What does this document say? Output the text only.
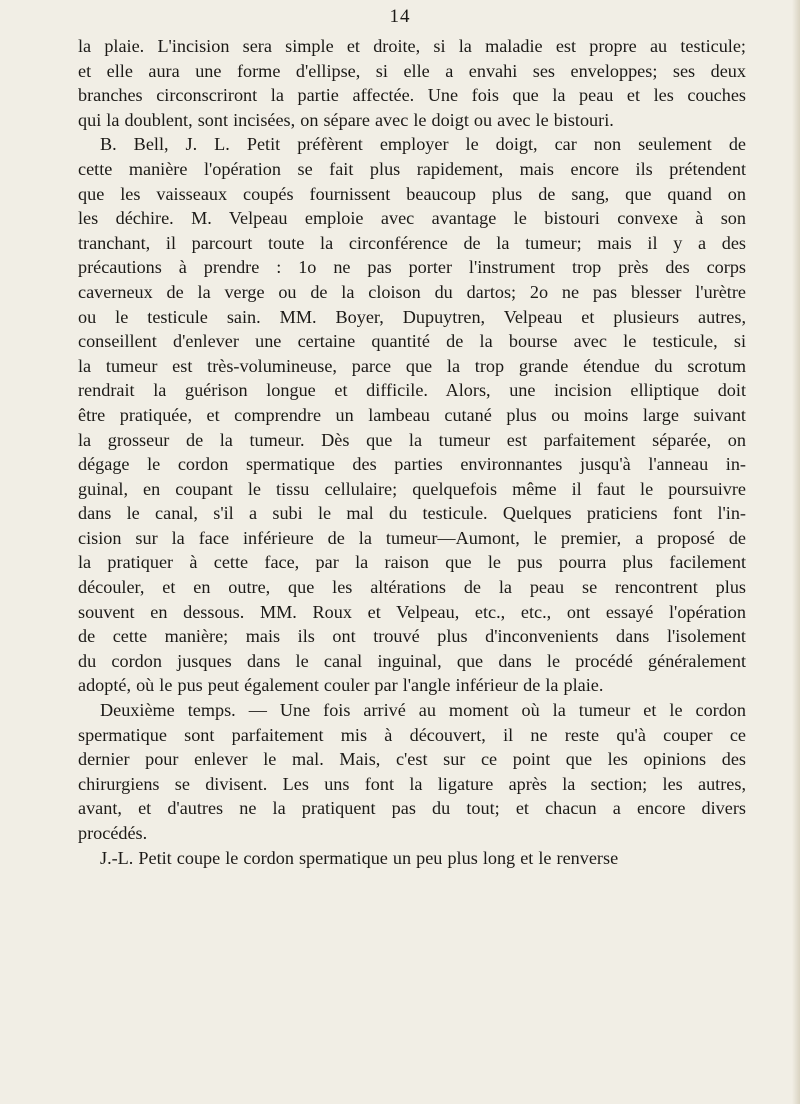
14
la plaie. L'incision sera simple et droite, si la maladie est propre au testicule;
et elle aura une forme d'ellipse, si elle a envahi ses enveloppes; ses deux
branches circonscriront la partie affectée. Une fois que la peau et les couches
qui la doublent, sont incisées, on sépare avec le doigt ou avec le bistouri.
B. Bell, J. L. Petit préfèrent employer le doigt, car non seulement de
cette manière l'opération se fait plus rapidement, mais encore ils prétendent
que les vaisseaux coupés fournissent beaucoup plus de sang, que quand on
les déchire. M. Velpeau emploie avec avantage le bistouri convexe à son
tranchant, il parcourt toute la circonférence de la tumeur; mais il y a des
précautions à prendre : 1o ne pas porter l'instrument trop près des corps
caverneux de la verge ou de la cloison du dartos; 2o ne pas blesser l'urètre
ou le testicule sain. MM. Boyer, Dupuytren, Velpeau et plusieurs autres,
conseillent d'enlever une certaine quantité de la bourse avec le testicule, si
la tumeur est très-volumineuse, parce que la trop grande étendue du scrotum
rendrait la guérison longue et difficile. Alors, une incision elliptique doit
être pratiquée, et comprendre un lambeau cutané plus ou moins large suivant
la grosseur de la tumeur. Dès que la tumeur est parfaitement séparée, on
dégage le cordon spermatique des parties environnantes jusqu'à l'anneau in-
guinal, en coupant le tissu cellulaire; quelquefois même il faut le poursuivre
dans le canal, s'il a subi le mal du testicule. Quelques praticiens font l'in-
cision sur la face inférieure de la tumeur—Aumont, le premier, a proposé de
la pratiquer à cette face, par la raison que le pus pourra plus facilement
découler, et en outre, que les altérations de la peau se rencontrent plus
souvent en dessous. MM. Roux et Velpeau, etc., etc., ont essayé l'opération
de cette manière; mais ils ont trouvé plus d'inconvenients dans l'isolement
du cordon jusques dans le canal inguinal, que dans le procédé généralement
adopté, où le pus peut également couler par l'angle inférieur de la plaie.
Deuxième temps. — Une fois arrivé au moment où la tumeur et le cordon
spermatique sont parfaitement mis à découvert, il ne reste qu'à couper ce
dernier pour enlever le mal. Mais, c'est sur ce point que les opinions des
chirurgiens se divisent. Les uns font la ligature après la section; les autres,
avant, et d'autres ne la pratiquent pas du tout; et chacun a encore divers
procédés.
J.-L. Petit coupe le cordon spermatique un peu plus long et le renverse
